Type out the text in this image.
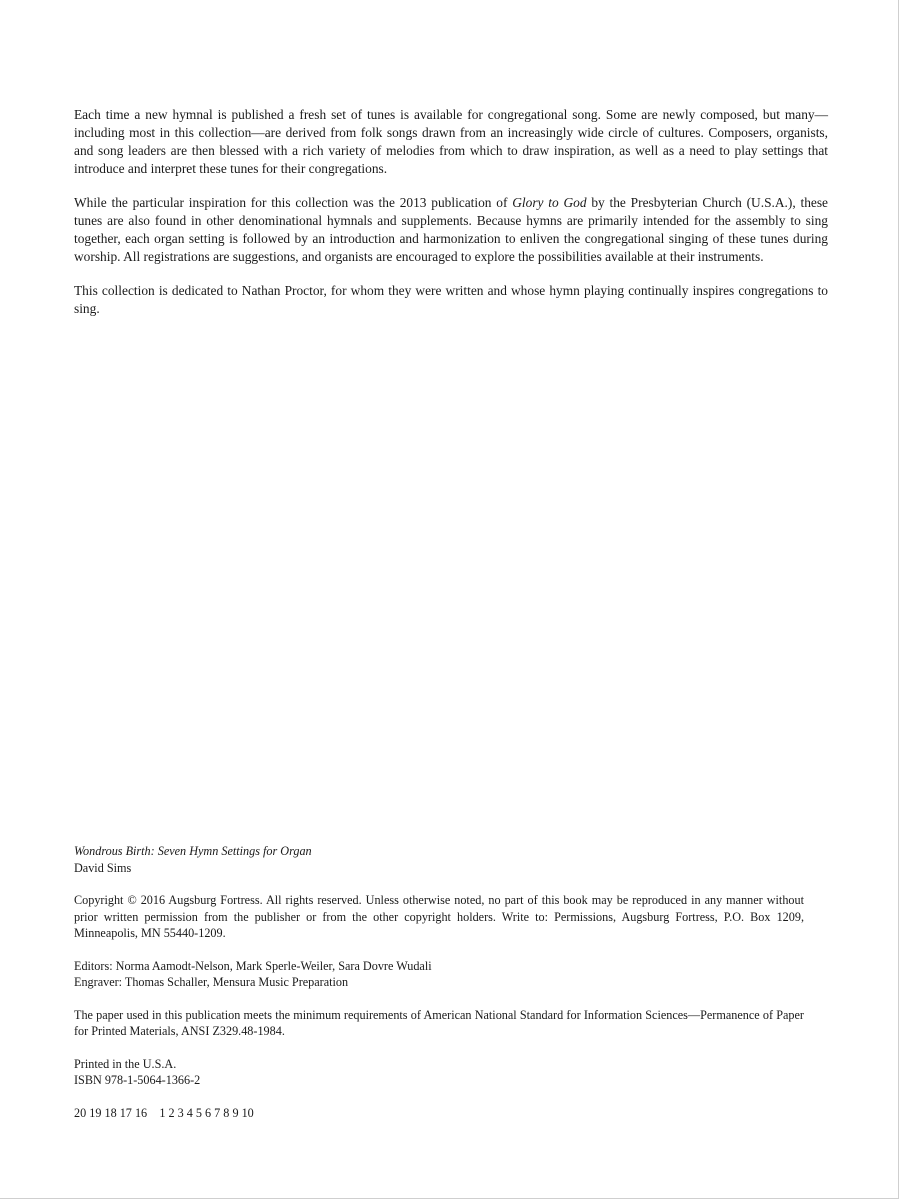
Each time a new hymnal is published a fresh set of tunes is available for congregational song. Some are newly composed, but many—including most in this collection—are derived from folk songs drawn from an increasingly wide circle of cultures. Composers, organists, and song leaders are then blessed with a rich variety of melodies from which to draw inspiration, as well as a need to play settings that introduce and interpret these tunes for their congregations.

While the particular inspiration for this collection was the 2013 publication of Glory to God by the Presbyterian Church (U.S.A.), these tunes are also found in other denominational hymnals and supplements. Because hymns are primarily intended for the assembly to sing together, each organ setting is followed by an introduction and harmonization to enliven the congregational singing of these tunes during worship. All registrations are suggestions, and organists are encouraged to explore the possibilities available at their instruments.

This collection is dedicated to Nathan Proctor, for whom they were written and whose hymn playing continually inspires congregations to sing.

Wondrous Birth: Seven Hymn Settings for Organ
David Sims

Copyright © 2016 Augsburg Fortress. All rights reserved. Unless otherwise noted, no part of this book may be reproduced in any manner without prior written permission from the publisher or from the other copyright holders. Write to: Permissions, Augsburg Fortress, P.O. Box 1209, Minneapolis, MN 55440-1209.

Editors: Norma Aamodt-Nelson, Mark Sperle-Weiler, Sara Dovre Wudali
Engraver: Thomas Schaller, Mensura Music Preparation

The paper used in this publication meets the minimum requirements of American National Standard for Information Sciences—Permanence of Paper for Printed Materials, ANSI Z329.48-1984.

Printed in the U.S.A.
ISBN 978-1-5064-1366-2

20 19 18 17 16    1 2 3 4 5 6 7 8 9 10
